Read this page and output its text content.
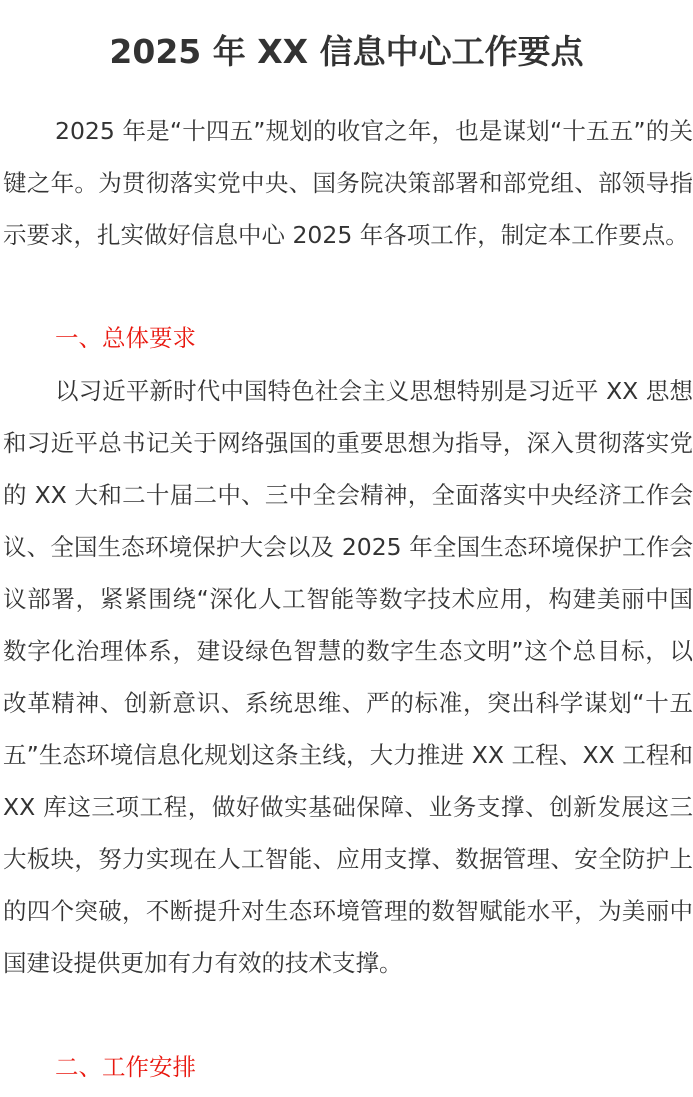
2025 年 XX 信息中心工作要点

2025 年是“十四五”规划的收官之年，也是谋划“十五五”的关键之年。为贯彻落实党中央、国务院决策部署和部党组、部领导指示要求，扎实做好信息中心 2025 年各项工作，制定本工作要点。

一、总体要求

以习近平新时代中国特色社会主义思想特别是习近平 XX 思想和习近平总书记关于网络强国的重要思想为指导，深入贯彻落实党的 XX 大和二十届二中、三中全会精神，全面落实中央经济工作会议、全国生态环境保护大会以及 2025 年全国生态环境保护工作会议部署，紧紧围绕“深化人工智能等数字技术应用，构建美丽中国数字化治理体系，建设绿色智慧的数字生态文明”这个总目标，以改革精神、创新意识、系统思维、严的标准，突出科学谋划“十五五”生态环境信息化规划这条主线，大力推进 XX 工程、XX 工程和 XX 库这三项工程，做好做实基础保障、业务支撑、创新发展这三大板块，努力实现在人工智能、应用支撑、数据管理、安全防护上的四个突破，不断提升对生态环境管理的数智赋能水平，为美丽中国建设提供更加有力有效的技术支撑。

二、工作安排
